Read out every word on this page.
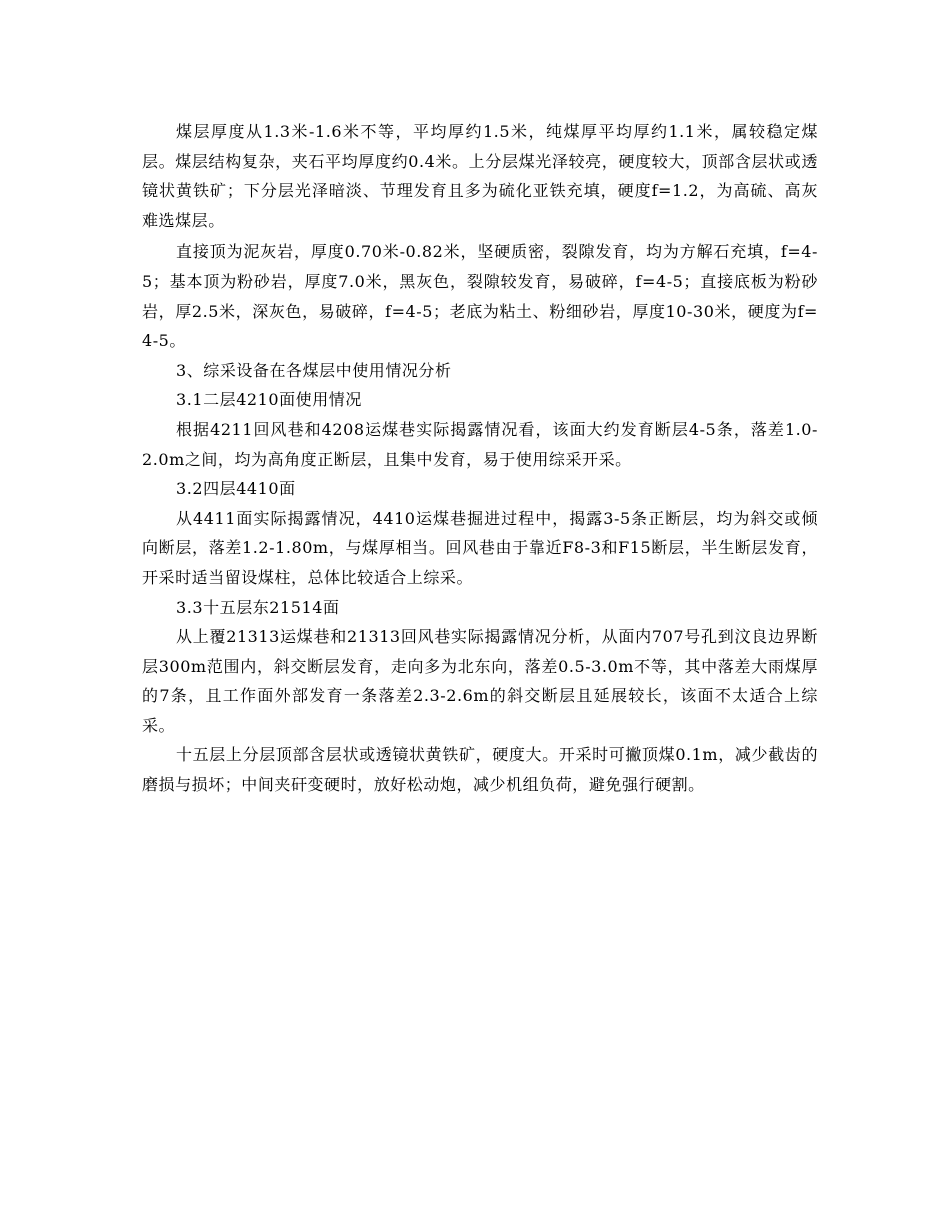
煤层厚度从1.3米-1.6米不等，平均厚约1.5米，纯煤厚平均厚约1.1米，属较稳定煤层。煤层结构复杂，夹石平均厚度约0.4米。上分层煤光泽较亮，硬度较大，顶部含层状或透镜状黄铁矿；下分层光泽暗淡、节理发育且多为硫化亚铁充填，硬度f=1.2，为高硫、高灰难选煤层。

直接顶为泥灰岩，厚度0.70米-0.82米，坚硬质密，裂隙发育，均为方解石充填，f=4-5；基本顶为粉砂岩，厚度7.0米，黑灰色，裂隙较发育，易破碎，f=4-5；直接底板为粉砂岩，厚2.5米，深灰色，易破碎，f=4-5；老底为粘土、粉细砂岩，厚度10-30米，硬度为f=4-5。

3、综采设备在各煤层中使用情况分析

3.1二层4210面使用情况

根据4211回风巷和4208运煤巷实际揭露情况看，该面大约发育断层4-5条，落差1.0-2.0m之间，均为高角度正断层，且集中发育，易于使用综采开采。

3.2四层4410面

从4411面实际揭露情况，4410运煤巷掘进过程中，揭露3-5条正断层，均为斜交或倾向断层，落差1.2-1.80m，与煤厚相当。回风巷由于靠近F8-3和F15断层，半生断层发育，开采时适当留设煤柱，总体比较适合上综采。

3.3十五层东21514面

从上覆21313运煤巷和21313回风巷实际揭露情况分析，从面内707号孔到汶良边界断层300m范围内，斜交断层发育，走向多为北东向，落差0.5-3.0m不等，其中落差大雨煤厚的7条，且工作面外部发育一条落差2.3-2.6m的斜交断层且延展较长，该面不太适合上综采。

十五层上分层顶部含层状或透镜状黄铁矿，硬度大。开采时可撇顶煤0.1m，减少截齿的磨损与损坏；中间夹矸变硬时，放好松动炮，减少机组负荷，避免强行硬割。
